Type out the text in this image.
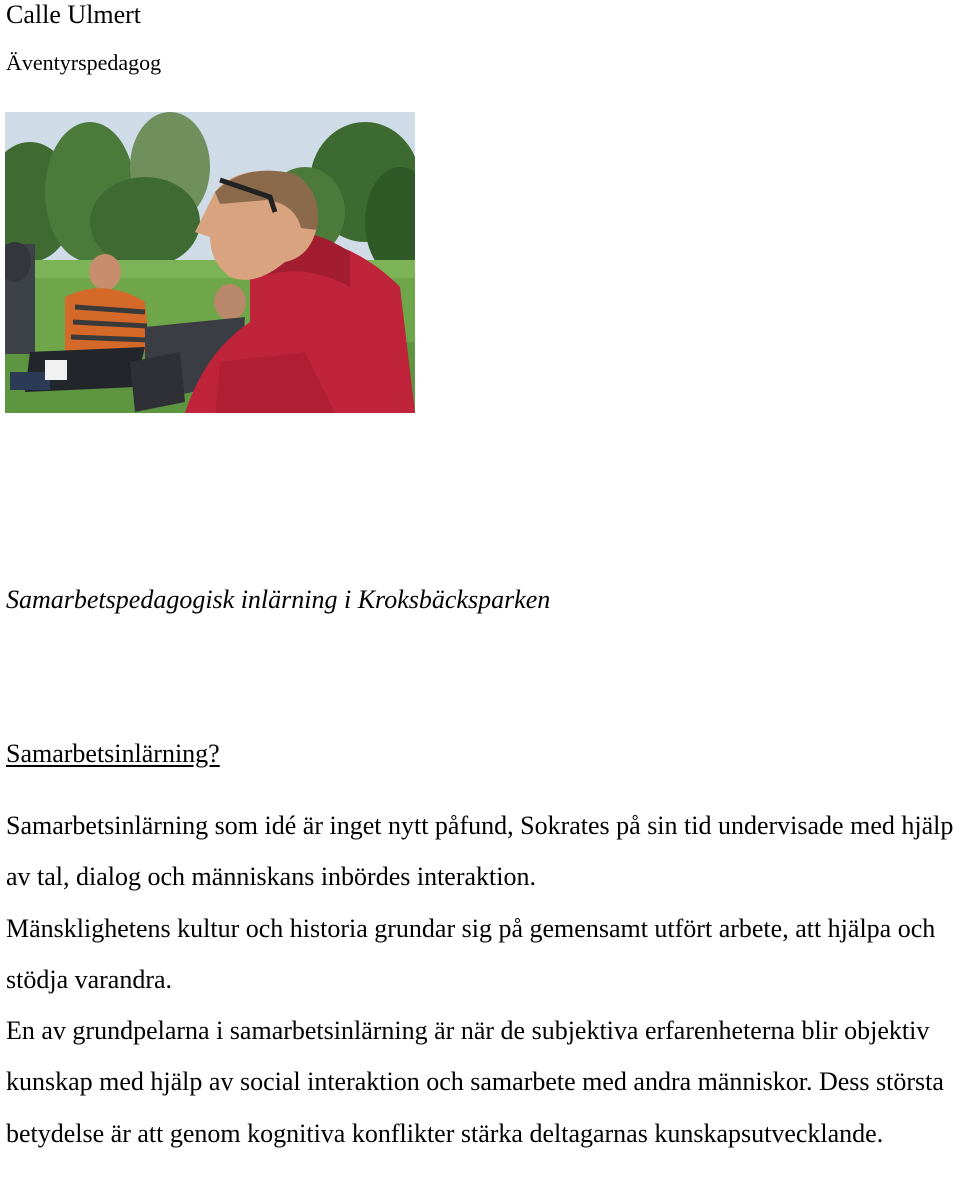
Calle Ulmert
Äventyrspedagog
Samarbetspedagogisk inlärning i Kroksbäcksparken
Samarbetsinlärning?

Samarbetsinlärning som idé är inget nytt påfund, Sokrates på sin tid undervisade med hjälp av tal, dialog och människans inbördes interaktion.

Mänsklighetens kultur och historia grundar sig på gemensamt utfört arbete, att hjälpa och stödja varandra.

En av grundpelarna i samarbetsinlärning är när de subjektiva erfarenheterna blir objektiv kunskap med hjälp av social interaktion och samarbete med andra människor. Dess största betydelse är att genom kognitiva konflikter stärka deltagarnas kunskapsutvecklande.
